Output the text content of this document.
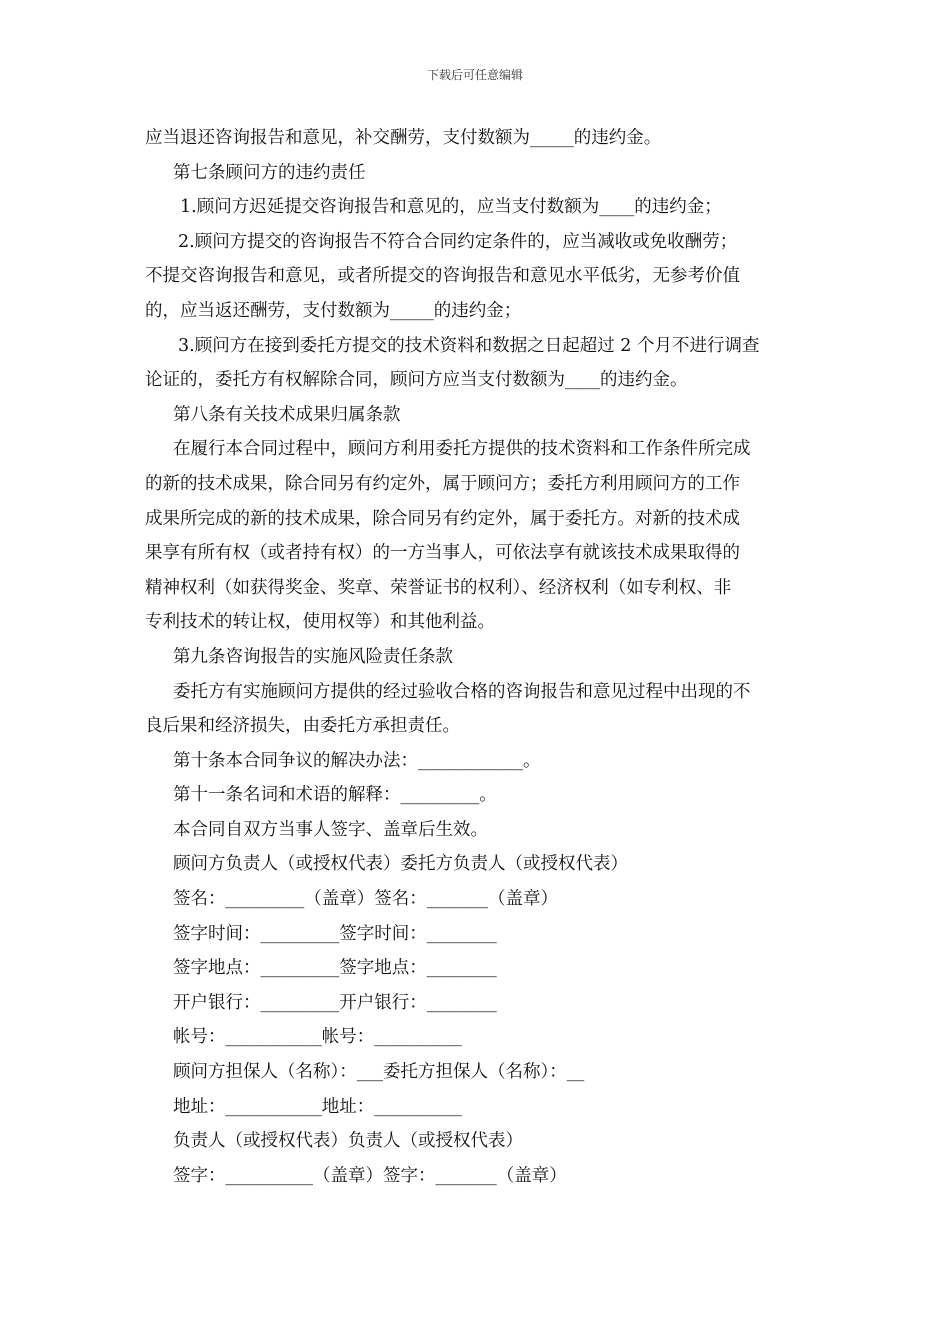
下载后可任意编辑
应当退还咨询报告和意见，补交酬劳，支付数额为_____的违约金。
第七条顾问方的违约责任
1.顾问方迟延提交咨询报告和意见的，应当支付数额为____的违约金；
2.顾问方提交的咨询报告不符合合同约定条件的，应当减收或免收酬劳；
不提交咨询报告和意见，或者所提交的咨询报告和意见水平低劣，无参考价值
的，应当返还酬劳，支付数额为_____的违约金；
3.顾问方在接到委托方提交的技术资料和数据之日起超过 2 个月不进行调查
论证的，委托方有权解除合同，顾问方应当支付数额为____的违约金。
第八条有关技术成果归属条款
在履行本合同过程中，顾问方利用委托方提供的技术资料和工作条件所完成
的新的技术成果，除合同另有约定外，属于顾问方；委托方利用顾问方的工作
成果所完成的新的技术成果，除合同另有约定外，属于委托方。对新的技术成
果享有所有权（或者持有权）的一方当事人，可依法享有就该技术成果取得的
精神权利（如获得奖金、奖章、荣誉证书的权利）、经济权利（如专利权、非
专利技术的转让权，使用权等）和其他利益。
第九条咨询报告的实施风险责任条款
委托方有实施顾问方提供的经过验收合格的咨询报告和意见过程中出现的不
良后果和经济损失，由委托方承担责任。
第十条本合同争议的解决办法：____________。
第十一条名词和术语的解释：_________。
本合同自双方当事人签字、盖章后生效。
顾问方负责人（或授权代表）委托方负责人（或授权代表）
签名：_________（盖章）签名：_______（盖章）
签字时间：_________签字时间：________
签字地点：_________签字地点：________
开户银行：_________开户银行：________
帐号：___________帐号：__________
顾问方担保人（名称）：___委托方担保人（名称）：__
地址：___________地址：__________
负责人（或授权代表）负责人（或授权代表）
签字：__________（盖章）签字：_______（盖章）
